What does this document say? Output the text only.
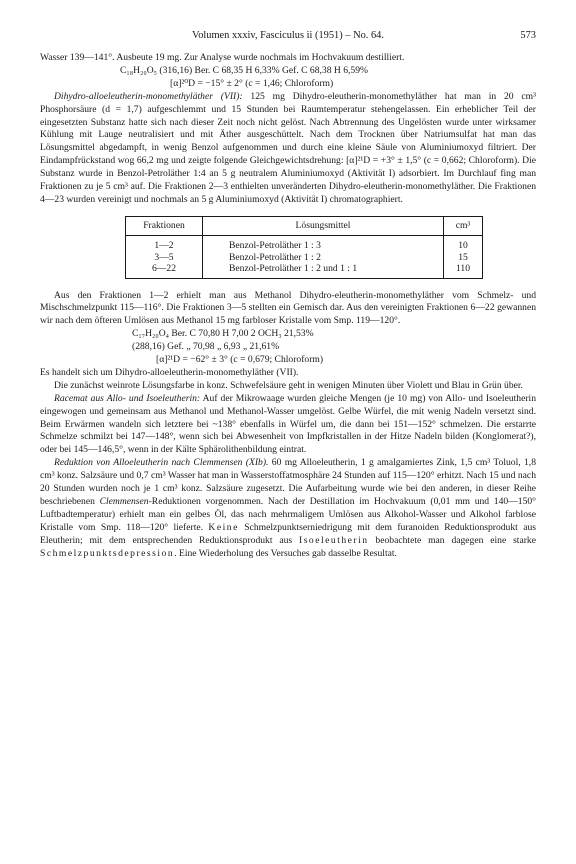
Volumen xxxiv, Fasciculus ii (1951) – No. 64.	573

Wasser 139—141°. Ausbeute 19 mg. Zur Analyse wurde nochmals im Hochvakuum destilliert.

C₁₈H₂₀O₅ (316,16) Ber. C 68,35 H 6,33% Gef. C 68,38 H 6,59%

[α]²⁰D = −15° ± 2° (c = 1,46; Chloroform)

Dihydro-alloeleutherin-monomethyläther (VII): 125 mg Dihydro-eleutherin-monomethyläther hat man in 20 cm³ Phosphorsäure (d = 1,7) aufgeschlemmt und 15 Stunden bei Raumtemperatur stehengelassen. Ein erheblicher Teil der eingesetzten Substanz hatte sich nach dieser Zeit noch nicht gelöst. Nach Abtrennung des Ungelösten wurde unter wirksamer Kühlung mit Lauge neutralisiert und mit Äther ausgeschüttelt. Nach dem Trocknen über Natriumsulfat hat man das Lösungsmittel abgedampft, in wenig Benzol aufgenommen und durch eine kleine Säule von Aluminiumoxyd filtriert. Der Eindampfrückstand wog 66,2 mg und zeigte folgende Gleichgewichtsdrehung: [α]²¹D = +3° ± 1,5° (c = 0,662; Chloroform). Die Substanz wurde in Benzol-Petroläther 1:4 an 5 g neutralem Aluminiumoxyd (Aktivität I) adsorbiert. Im Durchlauf fing man Fraktionen zu je 5 cm³ auf. Die Fraktionen 2—3 enthielten unveränderten Dihydro-eleutherin-monomethyläther. Die Fraktionen 4—23 wurden vereinigt und nochmals an 5 g Aluminiumoxyd (Aktivität I) chromatographiert.

Fraktionen	Lösungsmittel	cm³
1—2	Benzol-Petroläther 1 : 3	10
3—5	Benzol-Petroläther 1 : 2	15
6—22	Benzol-Petroläther 1 : 2 und 1 : 1	110

Aus den Fraktionen 1—2 erhielt man aus Methanol Dihydro-eleutherin-monomethyläther vom Schmelz- und Mischschmelzpunkt 115—116°. Die Fraktionen 3—5 stellten ein Gemisch dar. Aus den vereinigten Fraktionen 6—22 gewannen wir nach dem öfteren Umlösen aus Methanol 15 mg farbloser Kristalle vom Smp. 119—120°.

C₁₇H₂₀O₄ Ber. C 70,80 H 7,00 2 OCH₃ 21,53%

(288,16) Gef. „ 70,98 „ 6,93 „ 21,61%

[α]²¹D = −62° ± 3° (c = 0,679; Chloroform)

Es handelt sich um Dihydro-alloeleutherin-monomethyläther (VII).

Die zunächst weinrote Lösungsfarbe in konz. Schwefelsäure geht in wenigen Minuten über Violett und Blau in Grün über.

Racemat aus Allo- und Isoeleutherin: Auf der Mikrowaage wurden gleiche Mengen (je 10 mg) von Allo- und Isoeleutherin eingewogen und gemeinsam aus Methanol und Methanol-Wasser umgelöst. Gelbe Würfel, die mit wenig Nadeln versetzt sind. Beim Erwärmen wandeln sich letztere bei ~138° ebenfalls in Würfel um, die dann bei 151—152° schmelzen. Die erstarrte Schmelze schmilzt bei 147—148°, wenn sich bei Abwesenheit von Impfkristallen in der Hitze Nadeln bilden (Konglomerat?), oder bei 145—146,5°, wenn in der Kälte Sphärolithenbildung eintrat.

Reduktion von Alloeleutherin nach Clemmensen (XIb). 60 mg Alloeleutherin, 1 g amalgamiertes Zink, 1,5 cm³ Toluol, 1,8 cm³ konz. Salzsäure und 0,7 cm³ Wasser hat man in Wasserstoffatmosphäre 24 Stunden auf 115—120° erhitzt. Nach 15 und nach 20 Stunden wurden noch je 1 cm³ konz. Salzsäure zugesetzt. Die Aufarbeitung wurde wie bei den anderen, in dieser Reihe beschriebenen Clemmensen-Reduktionen vorgenommen. Nach der Destillation im Hochvakuum (0,01 mm und 140—150° Luftbadtemperatur) erhielt man ein gelbes Öl, das nach mehrmaligem Umlösen aus Alkohol-Wasser und Alkohol farblose Kristalle vom Smp. 118—120° lieferte. Keine Schmelzpunktserniedrigung mit dem furanoiden Reduktionsprodukt aus Eleutherin; mit dem entsprechenden Reduktionsprodukt aus Isoeleutherin beobachtete man dagegen eine starke Schmelzpunktsdepression. Eine Wiederholung des Versuches gab dasselbe Resultat.
